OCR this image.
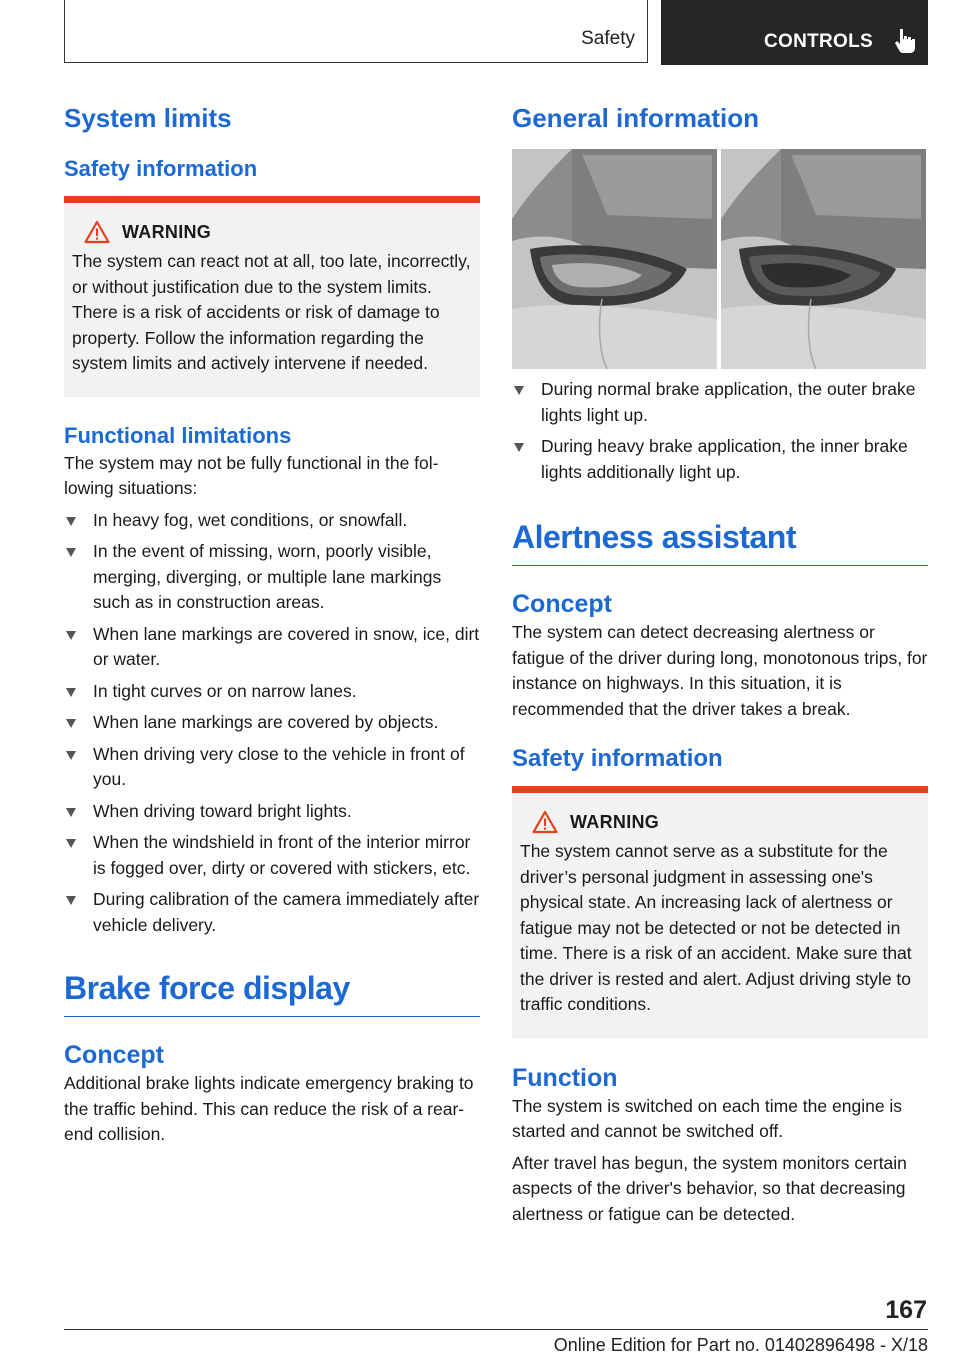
Safety	CONTROLS
System limits
Safety information
WARNING

The system can react not at all, too late, incorrectly, or without justification due to the system limits. There is a risk of accidents or risk of damage to property. Follow the information regarding the system limits and actively intervene if needed.

Functional limitations

The system may not be fully functional in the following situations:

In heavy fog, wet conditions, or snowfall.
In the event of missing, worn, poorly visible, merging, diverging, or multiple lane markings such as in construction areas.
When lane markings are covered in snow, ice, dirt or water.
In tight curves or on narrow lanes.
When lane markings are covered by objects.
When driving very close to the vehicle in front of you.
When driving toward bright lights.
When the windshield in front of the interior mirror is fogged over, dirty or covered with stickers, etc.
During calibration of the camera immediately after vehicle delivery.
Brake force display
Concept

Additional brake lights indicate emergency braking to the traffic behind. This can reduce the risk of a rear-end collision.

General information
During normal brake application, the outer brake lights light up.
During heavy brake application, the inner brake lights additionally light up.
Alertness assistant
Concept

The system can detect decreasing alertness or fatigue of the driver during long, monotonous trips, for instance on highways. In this situation, it is recommended that the driver takes a break.

Safety information
WARNING

The system cannot serve as a substitute for the driver’s personal judgment in assessing one's physical state. An increasing lack of alertness or fatigue may not be detected or not be detected in time. There is a risk of an accident. Make sure that the driver is rested and alert. Adjust driving style to traffic conditions.

Function

The system is switched on each time the engine is started and cannot be switched off.

After travel has begun, the system monitors certain aspects of the driver's behavior, so that decreasing alertness or fatigue can be detected.

167
Online Edition for Part no. 01402896498 - X/18
